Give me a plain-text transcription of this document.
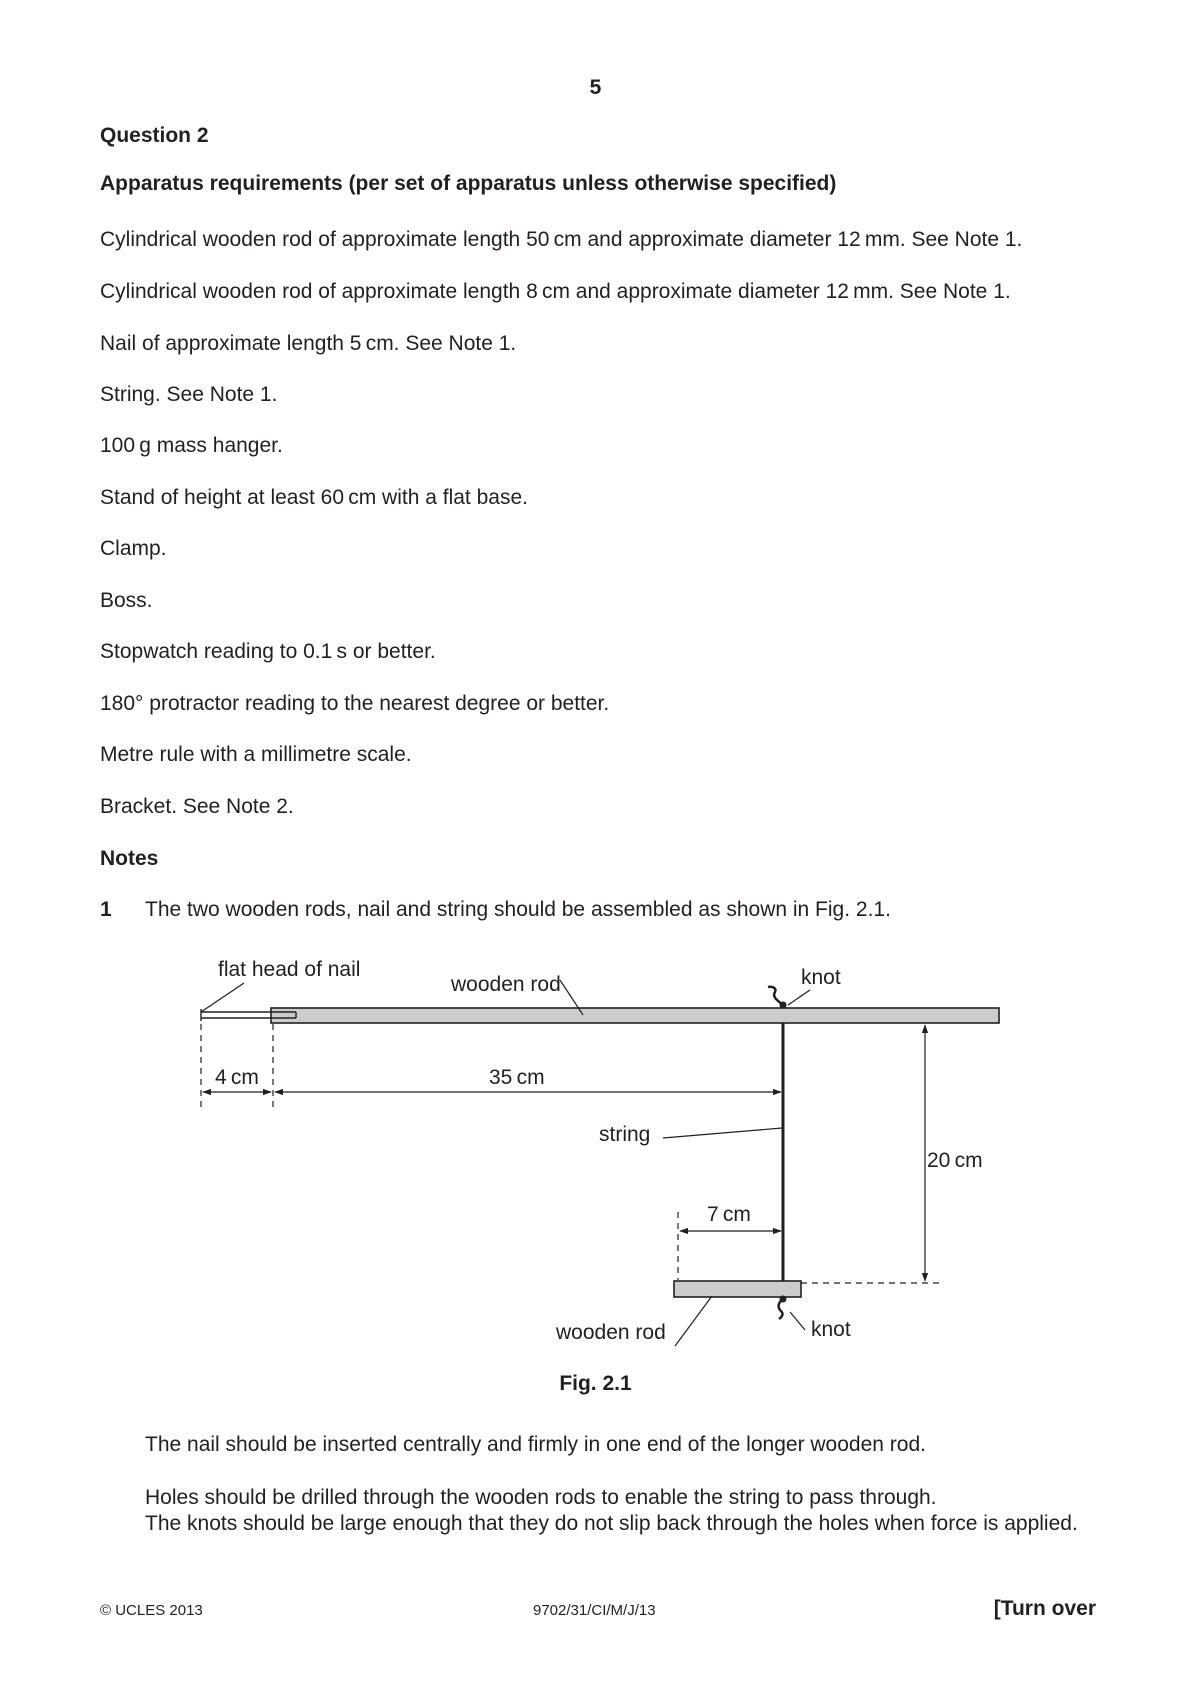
5

Question 2

Apparatus requirements (per set of apparatus unless otherwise specified)

Cylindrical wooden rod of approximate length 50 cm and approximate diameter 12 mm. See Note 1.

Cylindrical wooden rod of approximate length 8 cm and approximate diameter 12 mm. See Note 1.

Nail of approximate length 5 cm. See Note 1.

String. See Note 1.

100 g mass hanger.

Stand of height at least 60 cm with a flat base.

Clamp.

Boss.

Stopwatch reading to 0.1 s or better.

180° protractor reading to the nearest degree or better.

Metre rule with a millimetre scale.

Bracket. See Note 2.

Notes

1 The two wooden rods, nail and string should be assembled as shown in Fig. 2.1.

flat head of nail
wooden rod	knot
4 cm	35 cm
string
20 cm
7 cm
wooden rod	knot

Fig. 2.1

The nail should be inserted centrally and firmly in one end of the longer wooden rod.

Holes should be drilled through the wooden rods to enable the string to pass through.

The knots should be large enough that they do not slip back through the holes when force is applied.

© UCLES 2013	9702/31/CI/M/J/13	[Turn over
